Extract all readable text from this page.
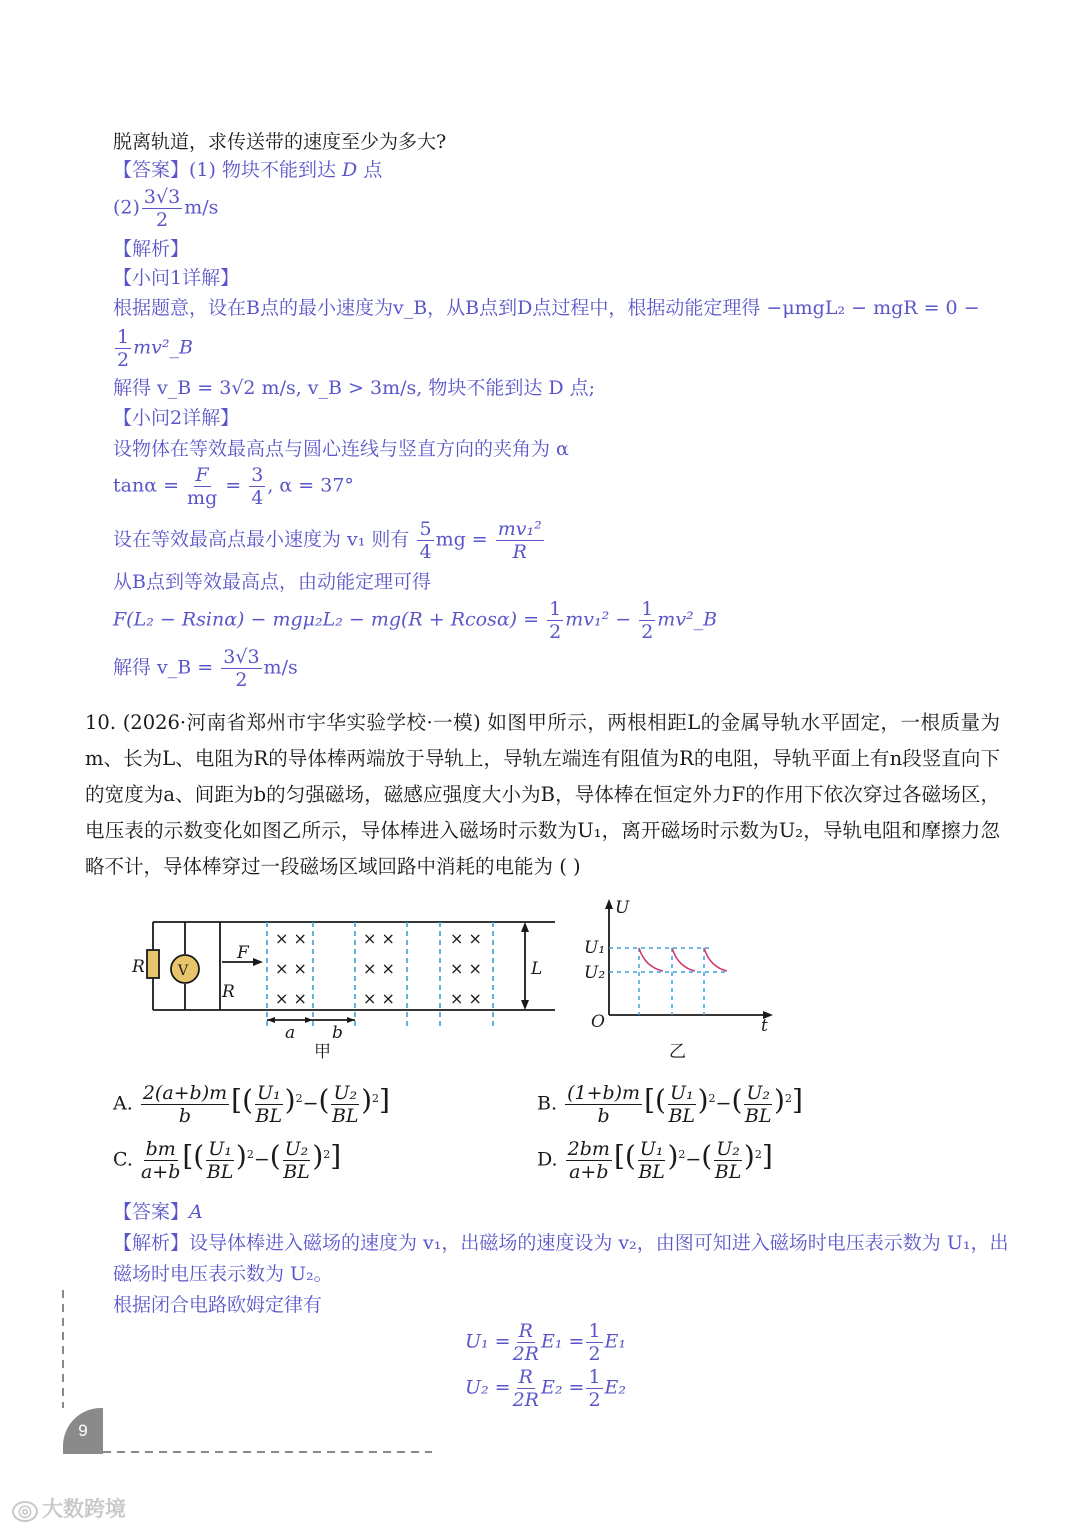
脱离轨道，求传送带的速度至少为多大?
【答案】(1) 物块不能到达 D 点
$(2) \frac{3√3}{2} m/s$
【解析】
【小问1详解】
根据题意，设在B点的最小速度为v_B，从B点到D点过程中，根据动能定理得 −μmgL₂ − mgR = 0 −
$\frac{1}{2}$ mv²_B
解得 v_B = 3√2 m/s, v_B > 3m/s, 物块不能到达 D 点;
【小问2详解】
设物体在等效最高点与圆心连线与竖直方向的夹角为 α
$\tan\alpha = \frac{F}{mg} = \frac{3}{4}$ , α = 37°
设在等效最高点最小速度为 v₁ 则有 $\frac{5}{4}$ mg = $\frac{\text{mv₁²}}{R}$
从B点到等效最高点，由动能定理可得
$F(L_2 - Rsin\alpha) - mg\mu_2L_2 - mg(R + Rcos\alpha) = \frac{1}{2} mv_1^2 - \frac{1}{2}$ mv²_B
解得 v_B = $\frac{3√3}{2} m/s$
10. (2026·河南省郑州市宇华实验学校·一模) 如图甲所示，两根相距L的金属导轨水平固定，一根质量为m、长为L、电阻为R的导体棒两端放于导轨上，导轨左端连有阻值为R的电阻，导轨平面上有n段竖直向下的宽度为a、间距为b的匀强磁场，磁感应强度大小为B，导体棒在恒定外力F的作用下依次穿过各磁场区，电压表的示数变化如图乙所示，导体棒进入磁场时示数为U₁，离开磁场时示数为U₂，导轨电阻和摩擦力忽略不计，导体棒穿过一段磁场区域回路中消耗的电能为 ( )
R V
F
R
L
a b
甲
× ×
× ×
× ×
× ×
× ×
× ×
× ×
× ×
× ×
U
U₁
U₂
O	t
乙
A. $\frac{2(a+b)m}{b}$ [( $\frac{\text{U₁}}{BL} )^2-( \frac{\text{U₂}}{BL} )^2$]	B. $\frac{(1+b)m}{b}$ [( $\frac{\text{U₁}}{BL} )^2-( \frac{\text{U₂}}{BL} )^2$]
C. $\frac{bm}{a+b}$ [( $\frac{\text{U₁}}{BL} )^2-( \frac{\text{U₂}}{BL} )^2$]	D. $\frac{2bm}{a+b}$ [( $\frac{\text{U₁}}{BL} )^2-( \frac{\text{U₂}}{BL} )^2$]
【答案】A
【解析】设导体棒进入磁场的速度为 v₁，出磁场的速度设为 v₂，由图可知进入磁场时电压表示数为 U₁，出
磁场时电压表示数为 U₂。
根据闭合电路欧姆定律有
$U_1 = \frac{R}{2R} E_1 = \frac{1}{2} E_1$
$U_2 = \frac{R}{2R} E_2 = \frac{1}{2} E_2$
9
◎ 大数跨境
